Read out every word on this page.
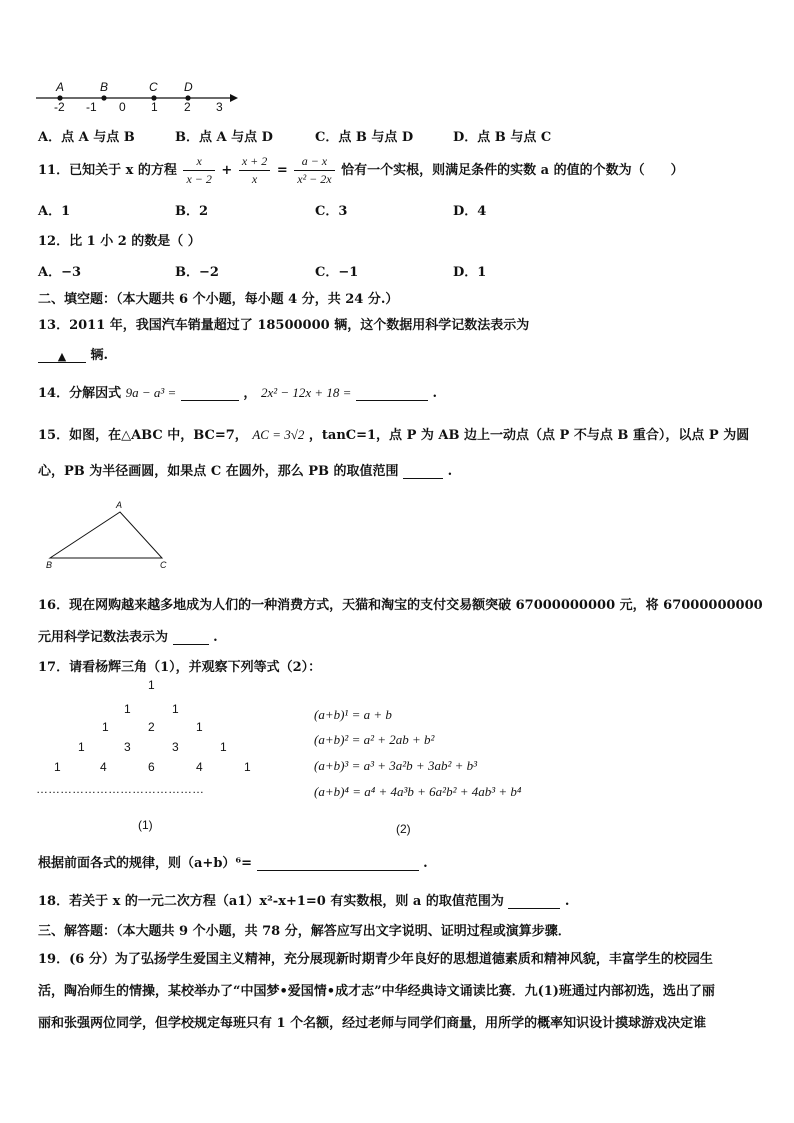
A	B	C D
-2 -1 0 1 2 3
A．点 A 与点 B	B．点 A 与点 D	C．点 B 与点 D	D．点 B 与点 C
11．已知关于 x 的方程 $\frac{x}{x - 2} + \frac{x + 2}{x} = \frac{a - x}{\text{x² − 2x}}$ 恰有一个实根，则满足条件的实数 a 的值的个数为（　　）
A．1	B．2	C．3	D．4
12．比 1 小 2 的数是（ ）
A．−3	B．−2	C．−1	D．1
二、填空题：（本大题共 6 个小题，每小题 4 分，共 24 分.）
13．2011 年，我国汽车销量超过了 18500000 辆，这个数据用科学记数法表示为
▲ 辆.
14．分解因式 9a − a³ =	， 2x² − 12x + 18 =	.
15．如图，在△ABC 中，BC=7， AC = 3√2 ，tanC=1，点 P 为 AB 边上一动点（点 P 不与点 B 重合），以点 P 为圆
心，PB 为半径画圆，如果点 C 在圆外，那么 PB 的取值范围	.
A
B	C
16．现在网购越来越多地成为人们的一种消费方式，天猫和淘宝的支付交易额突破 67000000000 元，将 67000000000
元用科学记数法表示为	.
17．请看杨辉三角（1），并观察下列等式（2）：
1
1	1
1	2	1
1	3	3	1
1	4	6	4	1
……………………………………
(a+b)¹ = a + b
(a+b)² = a² + 2ab + b²
(a+b)³ = a³ + 3a²b + 3ab² + b³
(a+b)⁴ = a⁴ + 4a³b + 6a²b² + 4ab³ + b⁴
(1)	(2)
根据前面各式的规律，则（a+b）⁶=	.
18．若关于 x 的一元二次方程（a1）x²-x+1=0 有实数根，则 a 的取值范围为	.
三、解答题：（本大题共 9 个小题，共 78 分，解答应写出文字说明、证明过程或演算步骤．
19．(6 分）为了弘扬学生爱国主义精神，充分展现新时期青少年良好的思想道德素质和精神风貌，丰富学生的校园生
活，陶冶师生的情操，某校举办了“中国梦•爱国情•成才志”中华经典诗文诵读比赛．九(1)班通过内部初选，选出了丽
丽和张强两位同学，但学校规定每班只有 1 个名额，经过老师与同学们商量，用所学的概率知识设计摸球游戏决定谁
